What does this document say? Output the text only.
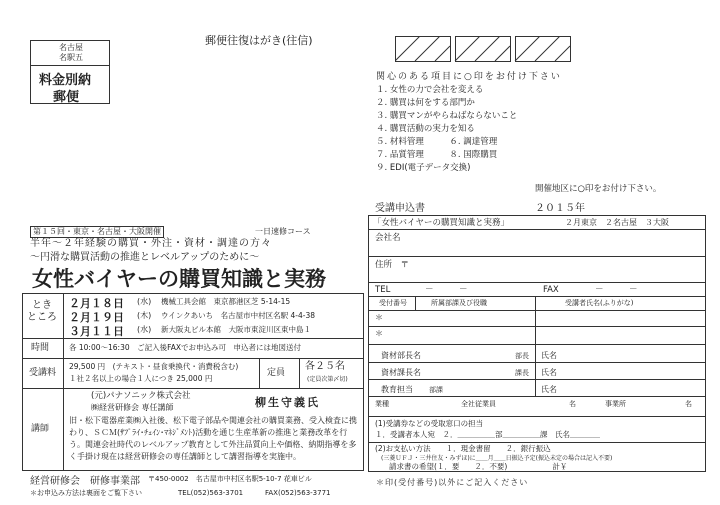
名古屋
名駅五
料金別納
郵便
郵便往復はがき(往信)
関心のある項目に○印をお付け下さい
１. 女性の力で会社を変える
２. 購買は何をする部門か
３. 購買マンがやらねばならないこと
４. 購買活動の実力を知る
５. 材料管理　　　６. 調達管理
７. 品質管理　　　８. 国際購買
９. EDI(電子データ交換)
開催地区に○印をお付け下さい。
第１５回・東京・名古屋・大阪開催	一日速修コース
半年～２年経験の購買・外注・資材・調達の方々
～円滑な購買活動の推進とレベルアップのために～
女性バイヤーの購買知識と実務
とき
ところ
２月１８日 (水) 機械工具会館　東京都港区芝 5-14-15
２月１９日 (木) ウインクあいち　名古屋市中村区名駅 4-4-38
３月１１日 (水) 新大阪丸ビル本館　大阪市東淀川区東中島１
時間	各 10:00～16:30　ご記入後FAXでお申込み可　申込者には地図送付
受講料
29,500 円　(テキスト・昼食乗換代・消費税含む)
１社２名以上の場合１人につき 25,000 円
定員
各２５名
(定員次第〆切)
講師
(元)パナソニック株式会社
㈱経営研修会 専任講師	柳生守義氏
旧・松下電器産業㈱入社後、松下電子部品や関連会社の購買業務、受入検査に携わり、ＳＣＭ(ｻﾌﾟﾗｲ･ﾁｪｲﾝ･ﾏﾈｼﾞﾒﾝﾄ)活動を通じ生産革新の推進と業務改革を行う。関連会社時代のレベルアップ教育として外注品質向上や価格、納期指導を多く手掛け現在は経営研修会の専任講師として講習指導を実施中。
経営研修会　研修事業部 〒450-0002　名古屋市中村区名駅5-10-7 花車ビル
＊お申込み方法は裏面をご覧下さい	TEL(052)563-3701	FAX(052)563-3771
受講申込書	２０１５年
「女性バイヤーの購買知識と実務」	２月東京　２名古屋　３大阪
会社名
住所　〒
TEL	－　　　－	FAX	－　　　－
受付番号	所属部課及び役職	受講者氏名(ふりがな)
＊
＊
資材部長名	部長 氏名
資材課長名	課長 氏名
教育担当 部課	氏名
業種	全社従業員	名	事業所	名
(1)受講券などの受取窓口の担当
１．受講者本人宛　２．＿＿＿＿＿部＿＿＿＿＿課　氏名＿＿＿＿
(2)お支払い方法　　１．現金書留　　２．銀行振込
(三菱ＵＦＪ・三井住友・みずほ)に＿＿月＿＿日振込予定(振込未定の場合は記入不要)
請求書の希望(１．要　　２．不要)　　　　　　計￥
＊印(受付番号)以外にご記入ください
